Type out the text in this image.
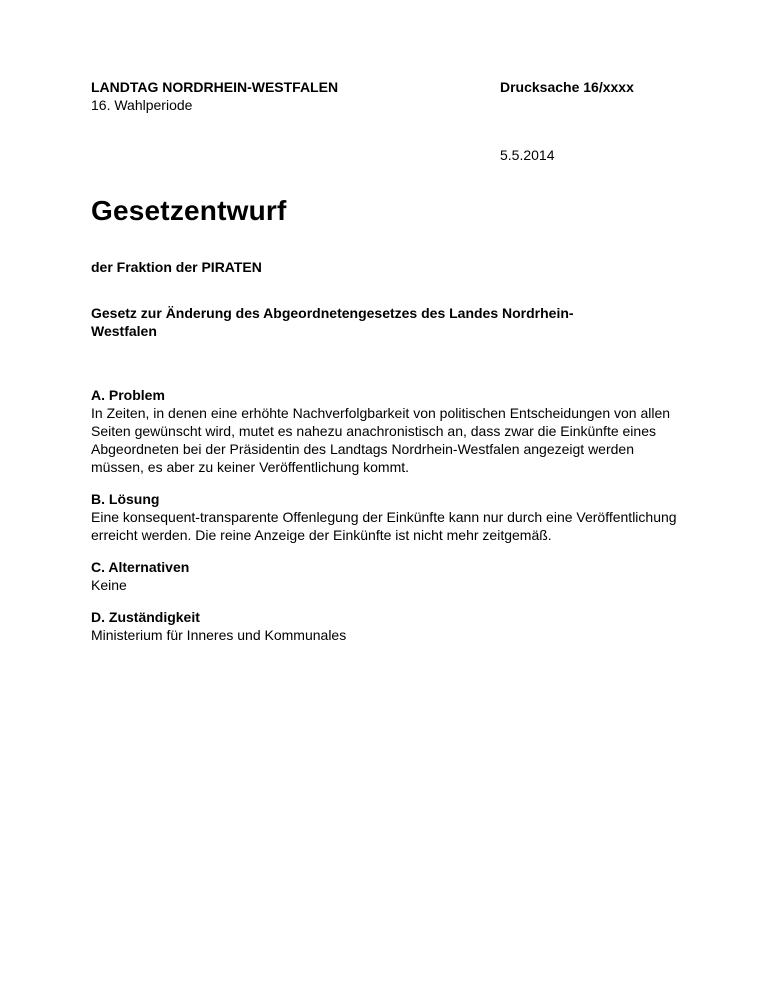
LANDTAG NORDRHEIN-WESTFALEN
16. Wahlperiode
Drucksache 16/xxxx
5.5.2014
Gesetzentwurf
der Fraktion der PIRATEN
Gesetz zur Änderung des Abgeordnetengesetzes des Landes Nordrhein-Westfalen
A. Problem
In Zeiten, in denen eine erhöhte Nachverfolgbarkeit von politischen Entscheidungen von allen Seiten gewünscht wird, mutet es nahezu anachronistisch an, dass zwar die Einkünfte eines Abgeordneten bei der Präsidentin des Landtags Nordrhein-Westfalen angezeigt werden müssen, es aber zu keiner Veröffentlichung kommt.
B. Lösung
Eine konsequent-transparente Offenlegung der Einkünfte kann nur durch eine Veröffentlichung erreicht werden. Die reine Anzeige der Einkünfte ist nicht mehr zeitgemäß.
C. Alternativen
Keine
D. Zuständigkeit
Ministerium für Inneres und Kommunales
